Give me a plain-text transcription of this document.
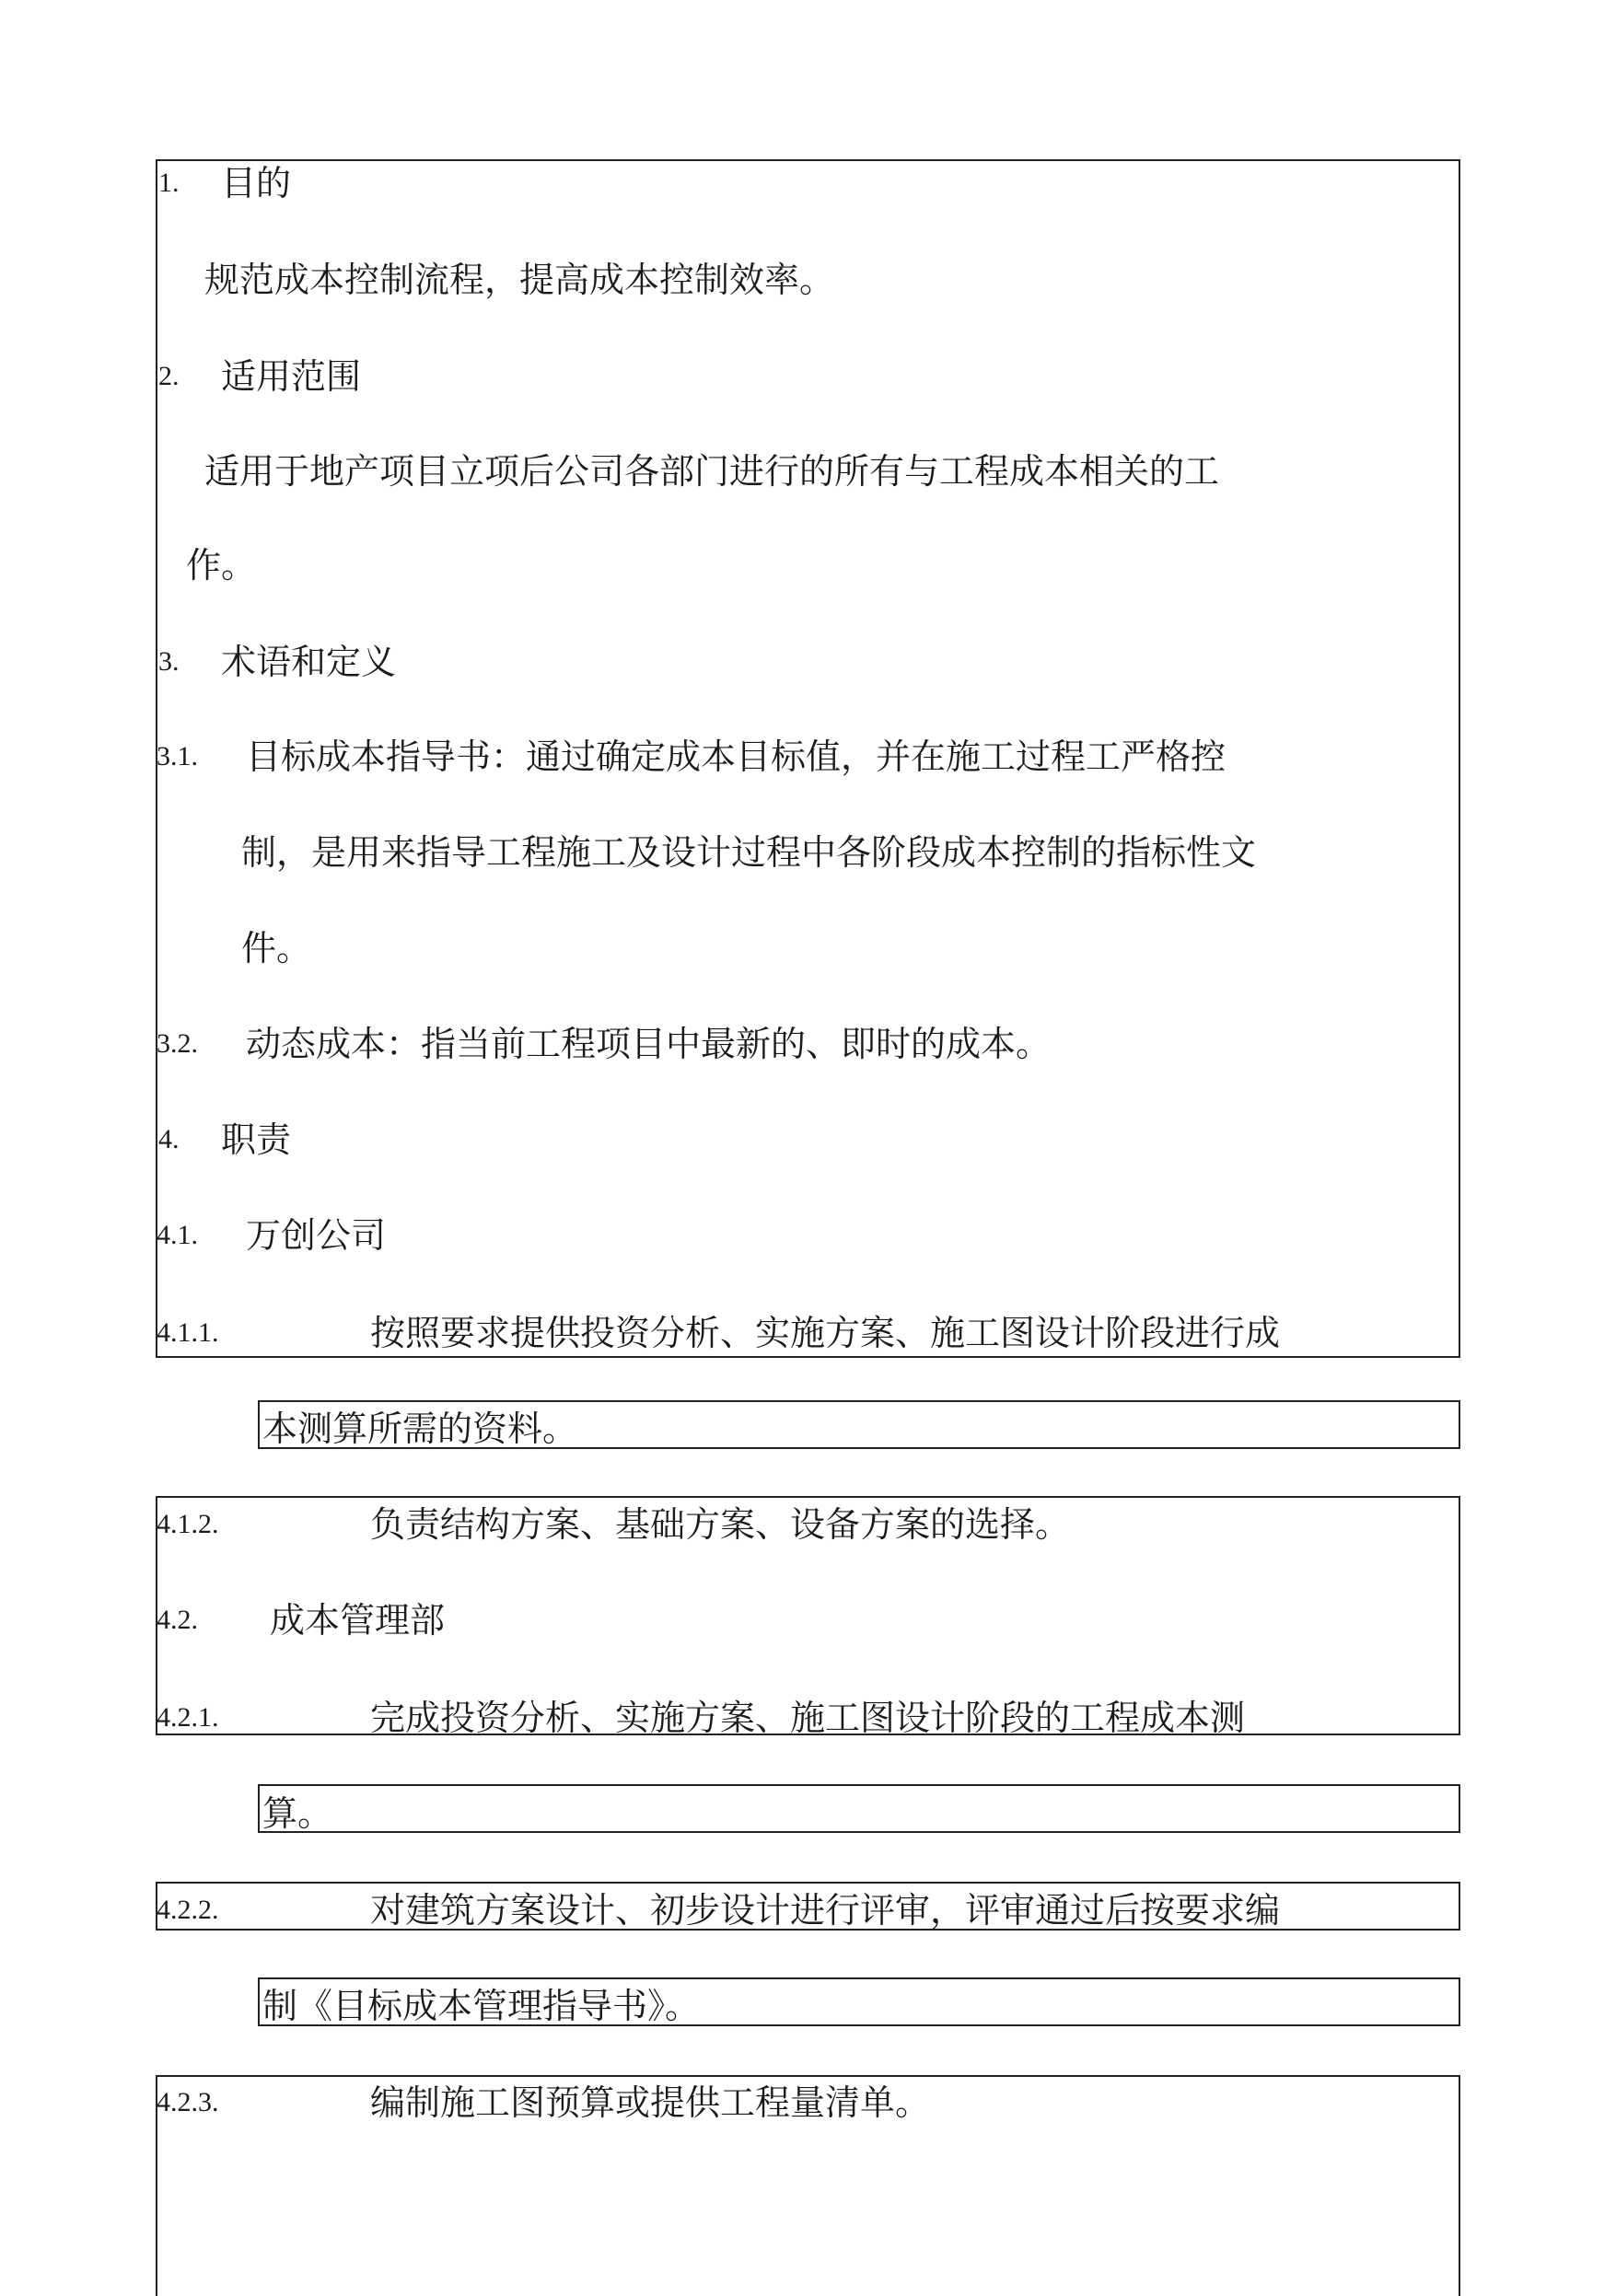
1. 目的
规范成本控制流程，提高成本控制效率。
2. 适用范围
适用于地产项目立项后公司各部门进行的所有与工程成本相关的工
作。
3. 术语和定义
3.1. 目标成本指导书：通过确定成本目标值，并在施工过程工严格控
制，是用来指导工程施工及设计过程中各阶段成本控制的指标性文
件。
3.2. 动态成本：指当前工程项目中最新的、即时的成本。
4. 职责
4.1. 万创公司
4.1.1.	按照要求提供投资分析、实施方案、施工图设计阶段进行成
本测算所需的资料。
4.1.2.	负责结构方案、基础方案、设备方案的选择。
4.2. 成本管理部
4.2.1.	完成投资分析、实施方案、施工图设计阶段的工程成本测
算。
4.2.2.	对建筑方案设计、初步设计进行评审，评审通过后按要求编
制《目标成本管理指导书》。
4.2.3.	编制施工图预算或提供工程量清单。
